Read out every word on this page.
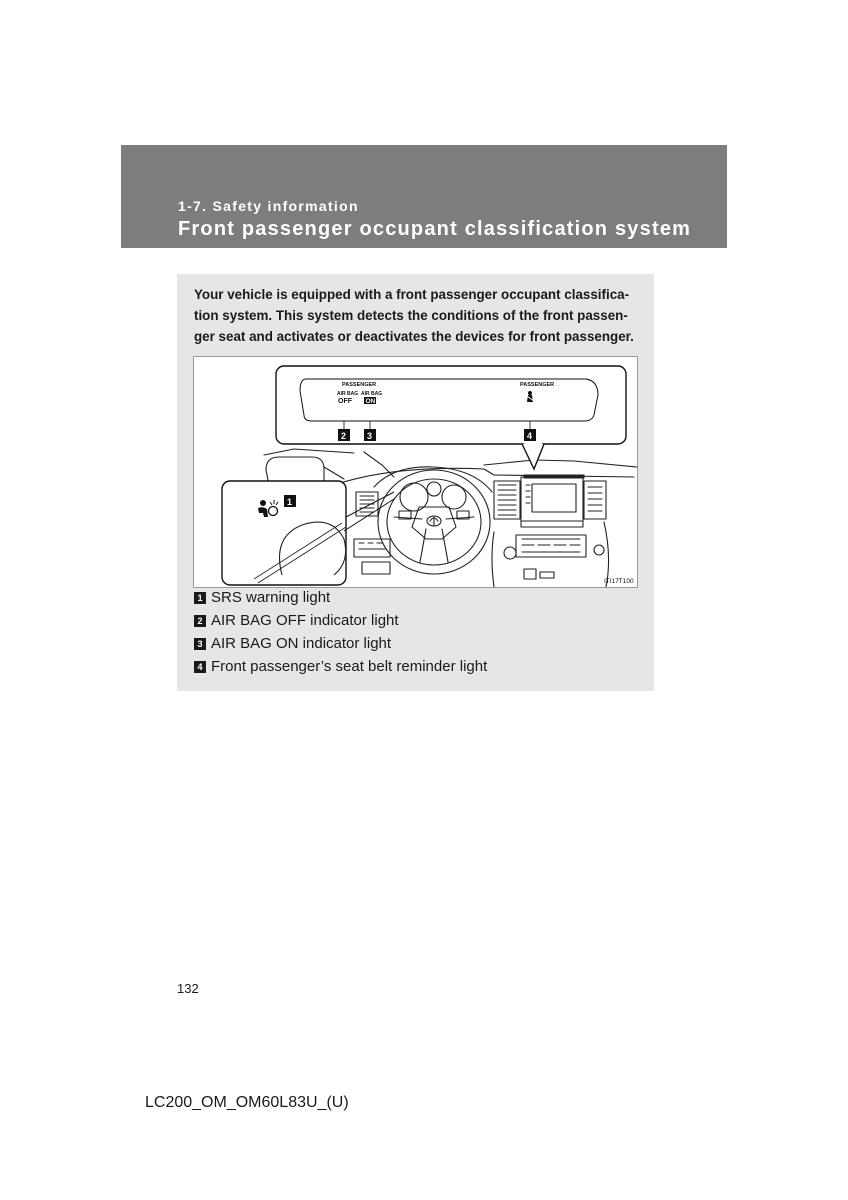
1-7. Safety information
Front passenger occupant classification system
Your vehicle is equipped with a front passenger occupant classifica-
tion system. This system detects the conditions of the front passen-
ger seat and activates or deactivates the devices for front passenger.
PASSENGER
AIR BAG AIR BAG
OFF ON
PASSENGER
2 3	4
1
ITI17T100
1 SRS warning light
2 AIR BAG OFF indicator light
3 AIR BAG ON indicator light
4 Front passenger’s seat belt reminder light
132
LC200_OM_OM60L83U_(U)
